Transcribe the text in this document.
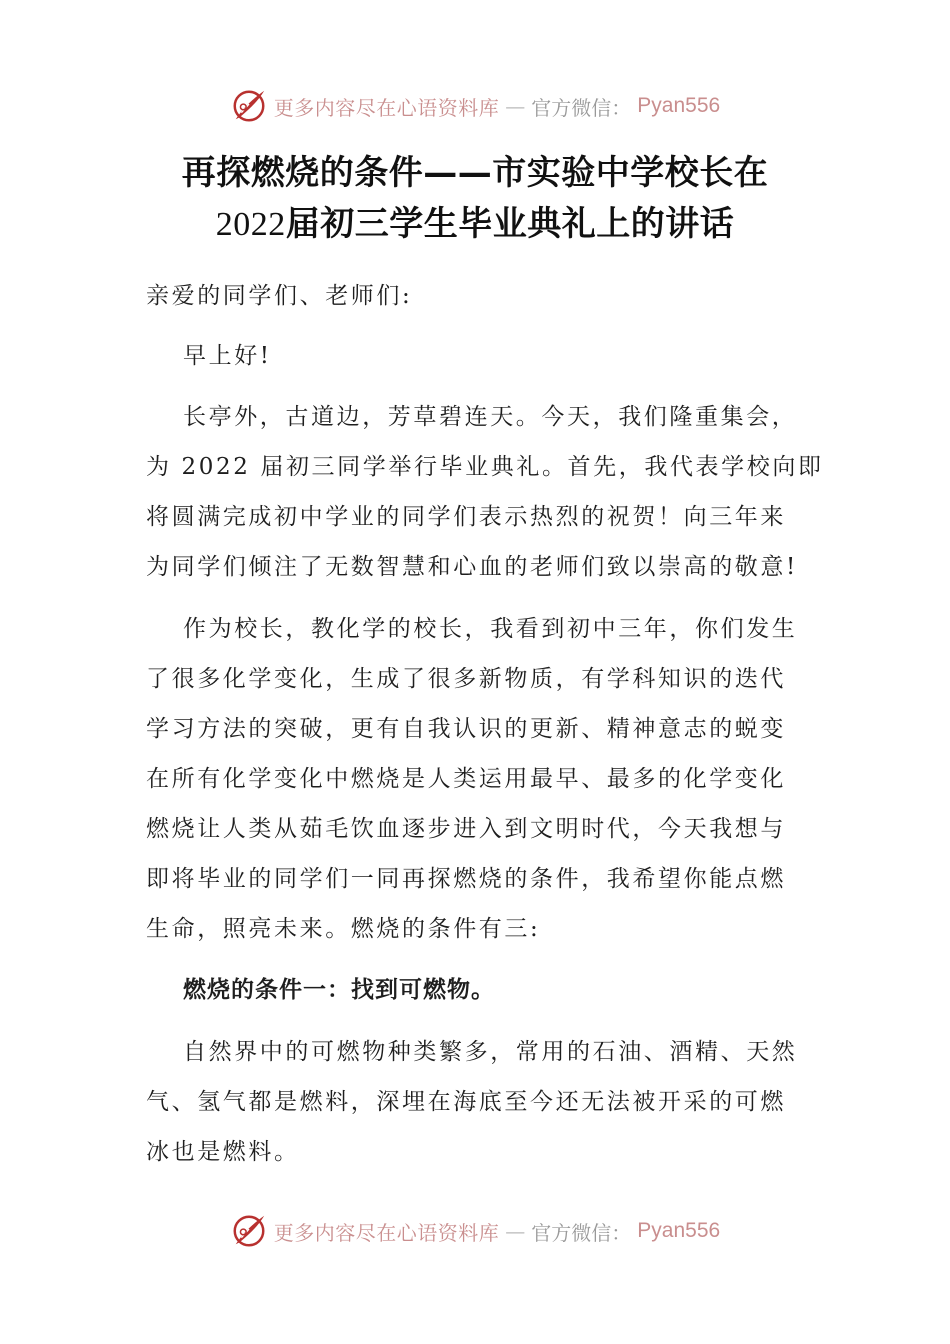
更多内容尽在心语资料库 — 官方微信： Pyan556
再探燃烧的条件——市实验中学校长在
2022届初三学生毕业典礼上的讲话
亲爱的同学们、老师们:
早上好!
长亭外，古道边，芳草碧连天。今天，我们隆重集会，
为 2022 届初三同学举行毕业典礼。首先，我代表学校向即
将圆满完成初中学业的同学们表示热烈的祝贺！向三年来
为同学们倾注了无数智慧和心血的老师们致以崇高的敬意!
作为校长，教化学的校长，我看到初中三年，你们发生
了很多化学变化，生成了很多新物质，有学科知识的迭代
学习方法的突破，更有自我认识的更新、精神意志的蜕变
在所有化学变化中燃烧是人类运用最早、最多的化学变化
燃烧让人类从茹毛饮血逐步进入到文明时代，今天我想与
即将毕业的同学们一同再探燃烧的条件，我希望你能点燃
生命，照亮未来。燃烧的条件有三:
燃烧的条件一：找到可燃物。
自然界中的可燃物种类繁多，常用的石油、酒精、天然
气、氢气都是燃料，深埋在海底至今还无法被开采的可燃
冰也是燃料。
更多内容尽在心语资料库 — 官方微信： Pyan556
